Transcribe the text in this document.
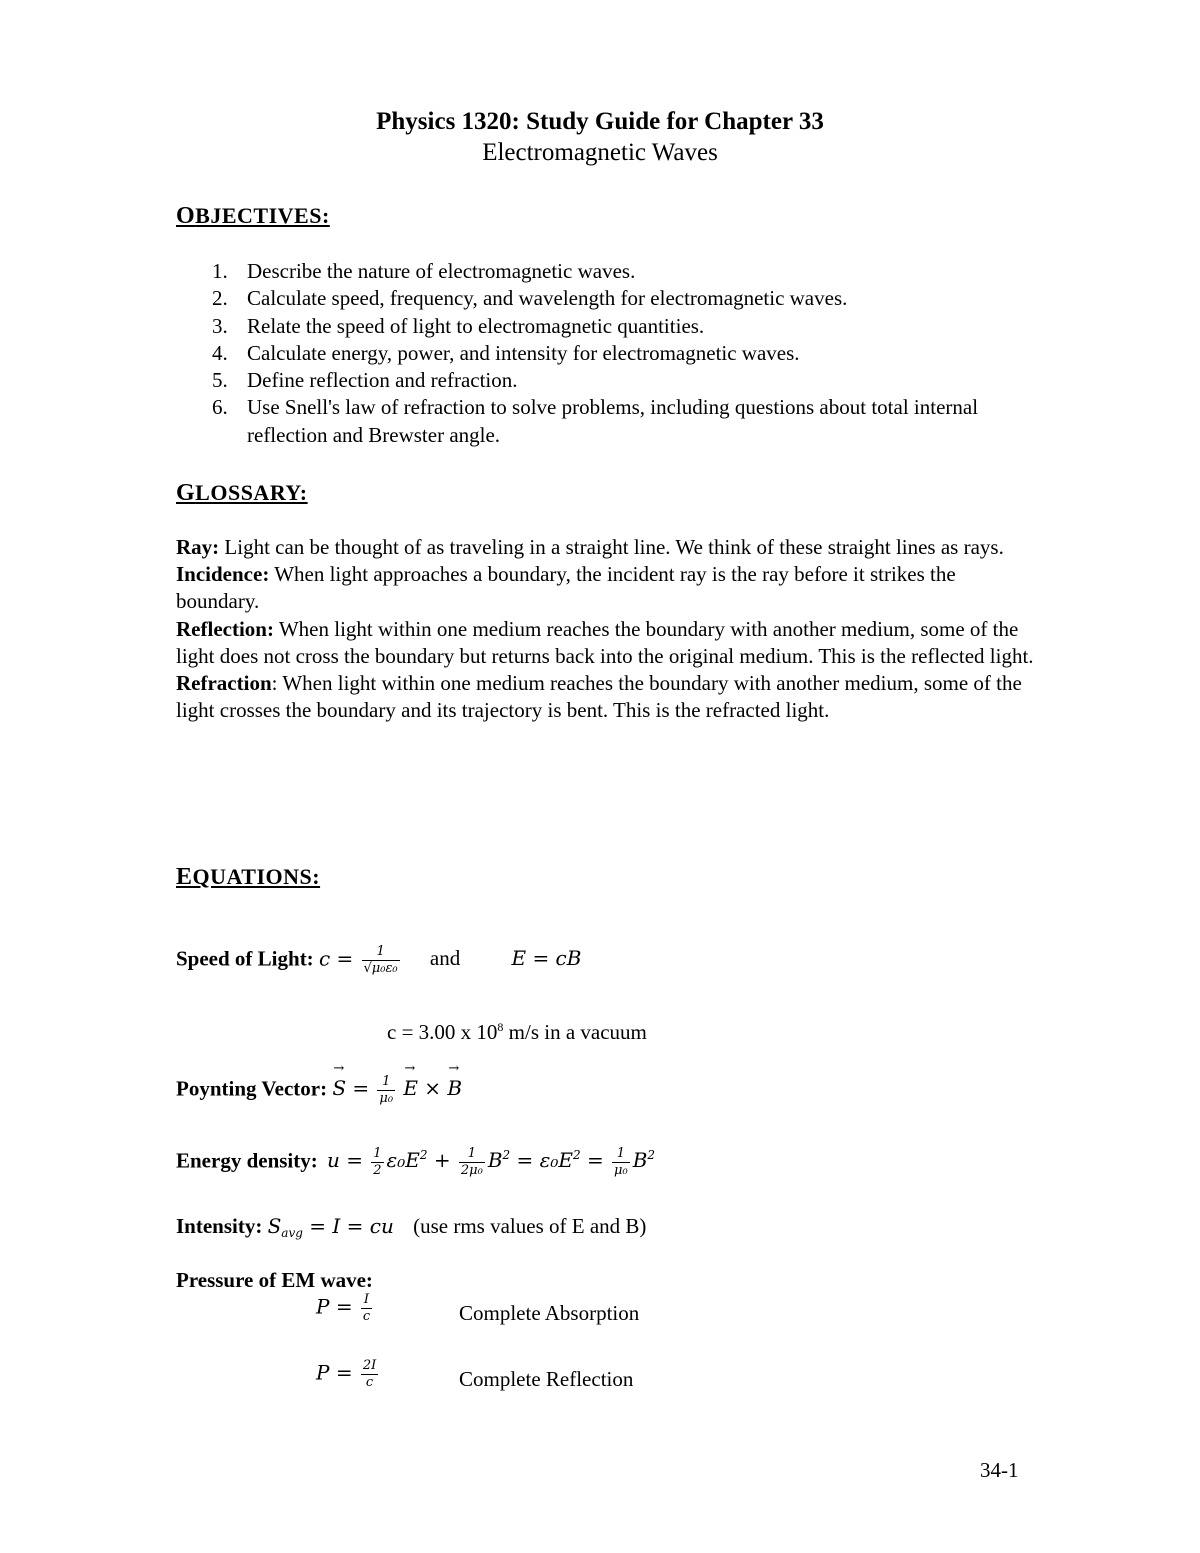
Physics 1320: Study Guide for Chapter 33
Electromagnetic Waves
OBJECTIVES:
1. Describe the nature of electromagnetic waves.
2. Calculate speed, frequency, and wavelength for electromagnetic waves.
3. Relate the speed of light to electromagnetic quantities.
4. Calculate energy, power, and intensity for electromagnetic waves.
5. Define reflection and refraction.
6. Use Snell's law of refraction to solve problems, including questions about total internal reflection and Brewster angle.
GLOSSARY:
Ray: Light can be thought of as traveling in a straight line. We think of these straight lines as rays.
Incidence: When light approaches a boundary, the incident ray is the ray before it strikes the boundary.
Reflection: When light within one medium reaches the boundary with another medium, some of the light does not cross the boundary but returns back into the original medium. This is the reflected light.
Refraction: When light within one medium reaches the boundary with another medium, some of the light crosses the boundary and its trajectory is bent. This is the refracted light.
EQUATIONS:
Speed of Light: $c = \frac{1}{\text{√μ₀ε₀}}$ and	E = cB
c = 3.00 x $10^8$ m/s in a vacuum
Poynting Vector: → $S = \frac{1}{\text{μ₀}}$
→ E × → B
Energy density: $u = \frac{1}{2} \varepsilon_0E^2 + \frac{1}{\text{2μ₀}} B^2 = \varepsilon_0E^2 = \frac{1}{\text{μ₀}} B^2$
Intensity: $S_{avg} = I$ = cu (use rms values of E and B)
Pressure of EM wave:
$P = \frac{I}{c}$	Complete Absorption
$P = \frac{2I}{c}$	Complete Reflection
34-1
